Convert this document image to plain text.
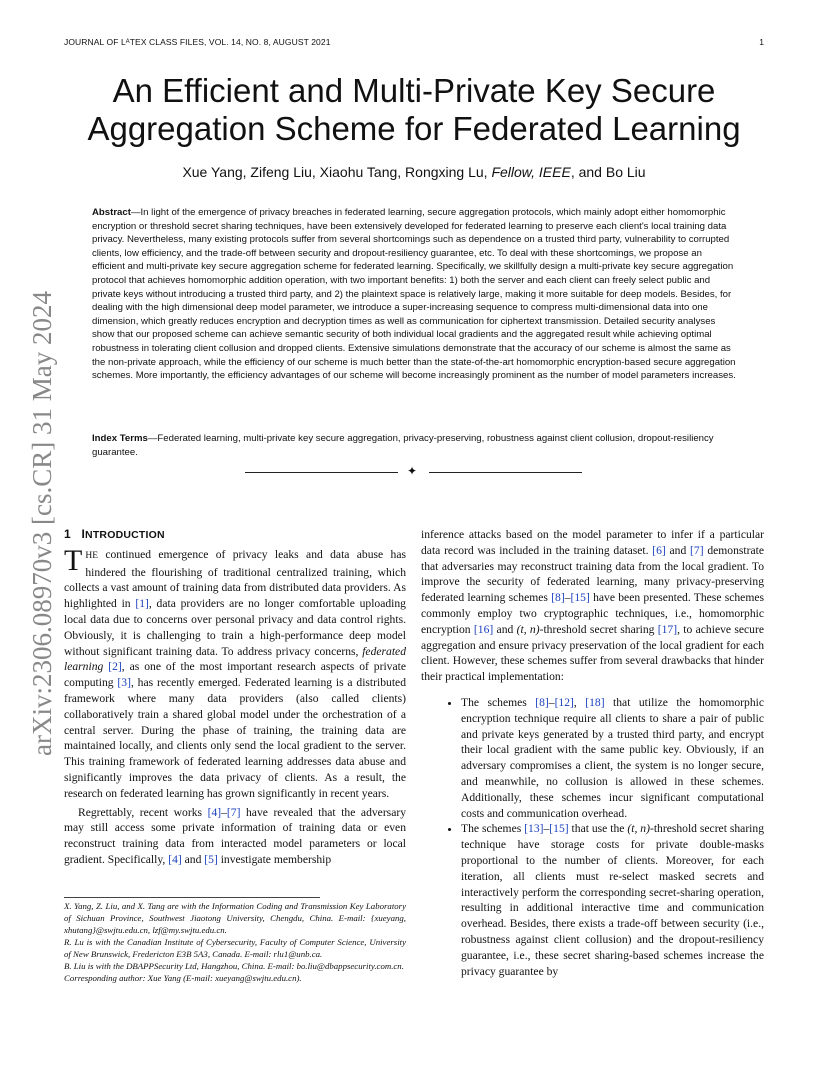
JOURNAL OF LᴬTEX CLASS FILES, VOL. 14, NO. 8, AUGUST 2021	1
arXiv:2306.08970v3 [cs.CR] 31 May 2024
An Efficient and Multi-Private Key Secure Aggregation Scheme for Federated Learning
Xue Yang, Zifeng Liu, Xiaohu Tang, Rongxing Lu, Fellow, IEEE, and Bo Liu
Abstract—In light of the emergence of privacy breaches in federated learning, secure aggregation protocols, which mainly adopt either homomorphic encryption or threshold secret sharing techniques, have been extensively developed for federated learning to preserve each client's local training data privacy. Nevertheless, many existing protocols suffer from several shortcomings such as dependence on a trusted third party, vulnerability to corrupted clients, low efficiency, and the trade-off between security and dropout-resiliency guarantee, etc. To deal with these shortcomings, we propose an efficient and multi-private key secure aggregation scheme for federated learning. Specifically, we skillfully design a multi-private key secure aggregation protocol that achieves homomorphic addition operation, with two important benefits: 1) both the server and each client can freely select public and private keys without introducing a trusted third party, and 2) the plaintext space is relatively large, making it more suitable for deep models. Besides, for dealing with the high dimensional deep model parameter, we introduce a super-increasing sequence to compress multi-dimensional data into one dimension, which greatly reduces encryption and decryption times as well as communication for ciphertext transmission. Detailed security analyses show that our proposed scheme can achieve semantic security of both individual local gradients and the aggregated result while achieving optimal robustness in tolerating client collusion and dropped clients. Extensive simulations demonstrate that the accuracy of our scheme is almost the same as the non-private approach, while the efficiency of our scheme is much better than the state-of-the-art homomorphic encryption-based secure aggregation schemes. More importantly, the efficiency advantages of our scheme will become increasingly prominent as the number of model parameters increases.
Index Terms—Federated learning, multi-private key secure aggregation, privacy-preserving, robustness against client collusion, dropout-resiliency guarantee.
✦
1 INTRODUCTION

THE continued emergence of privacy leaks and data abuse has hindered the flourishing of traditional centralized training, which collects a vast amount of training data from distributed data providers. As highlighted in [1], data providers are no longer comfortable uploading local data due to concerns over personal privacy and data control rights. Obviously, it is challenging to train a high-performance deep model without significant training data. To address privacy concerns, federated learning [2], as one of the most important research aspects of private computing [3], has recently emerged. Federated learning is a distributed framework where many data providers (also called clients) collaboratively train a shared global model under the orchestration of a central server. During the phase of training, the training data are maintained locally, and clients only send the local gradient to the server. This training framework of federated learning addresses data abuse and significantly improves the data privacy of clients. As a result, the research on federated learning has grown significantly in recent years.

Regrettably, recent works [4]–[7] have revealed that the adversary may still access some private information of training data or even reconstruct training data from interacted model parameters or local gradient. Specifically, [4] and [5] investigate membership

inference attacks based on the model parameter to infer if a particular data record was included in the training dataset. [6] and [7] demonstrate that adversaries may reconstruct training data from the local gradient. To improve the security of federated learning, many privacy-preserving federated learning schemes [8]–[15] have been presented. These schemes commonly employ two cryptographic techniques, i.e., homomorphic encryption [16] and (t, n)-threshold secret sharing [17], to achieve secure aggregation and ensure privacy preservation of the local gradient for each client. However, these schemes suffer from several drawbacks that hinder their practical implementation:

• The schemes [8]–[12], [18] that utilize the homomorphic encryption technique require all clients to share a pair of public and private keys generated by a trusted third party, and encrypt their local gradient with the same public key. Obviously, if an adversary compromises a client, the system is no longer secure, and meanwhile, no collusion is allowed in these schemes. Additionally, these schemes incur significant computational costs and communication overhead.
• The schemes [13]–[15] that use the (t, n)-threshold secret sharing technique have storage costs for private double-masks proportional to the number of clients. Moreover, for each iteration, all clients must re-select masked secrets and interactively perform the corresponding secret-sharing operation, resulting in additional interactive time and communication overhead. Besides, there exists a trade-off between security (i.e., robustness against client collusion) and the dropout-resiliency guarantee, i.e., these secret sharing-based schemes increase the privacy guarantee by

X. Yang, Z. Liu, and X. Tang are with the Information Coding and Transmission Key Laboratory of Sichuan Province, Southwest Jiaotong University, Chengdu, China. E-mail: {xueyang, xhutang}@swjtu.edu.cn, lzf@my.swjtu.edu.cn.

R. Lu is with the Canadian Institute of Cybersecurity, Faculty of Computer Science, University of New Brunswick, Fredericton E3B 5A3, Canada. E-mail: rlu1@unb.ca.

B. Liu is with the DBAPPSecurity Ltd, Hangzhou, China. E-mail: bo.liu@dbappsecurity.com.cn.

Corresponding author: Xue Yang (E-mail: xueyang@swjtu.edu.cn).
